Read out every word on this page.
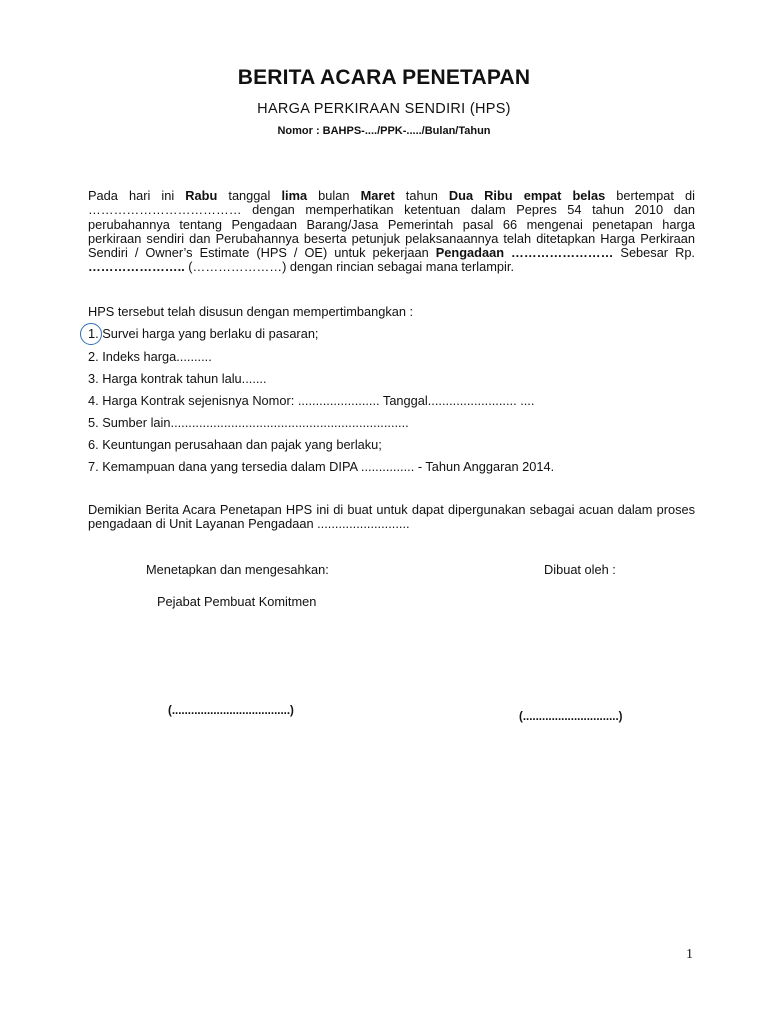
BERITA ACARA PENETAPAN
HARGA PERKIRAAN SENDIRI (HPS)
Nomor : BAHPS-..../PPK-...../Bulan/Tahun
Pada hari ini Rabu tanggal lima bulan Maret tahun Dua Ribu empat belas bertempat di ……………………………… dengan memperhatikan ketentuan dalam Pepres 54 tahun 2010 dan perubahannya tentang Pengadaan Barang/Jasa Pemerintah pasal 66 mengenai penetapan harga perkiraan sendiri dan Perubahannya beserta petunjuk pelaksanaannya telah ditetapkan Harga Perkiraan Sendiri / Owner’s Estimate (HPS / OE) untuk pekerjaan Pengadaan …………………… Sebesar Rp. ………………….. (…………………) dengan rincian sebagai mana terlampir.
HPS tersebut telah disusun dengan mempertimbangkan :
1. Survei harga yang berlaku di pasaran;
2. Indeks harga..........
3. Harga kontrak tahun lalu.......
4. Harga Kontrak sejenisnya Nomor: ....................... Tanggal......................... ....
5. Sumber lain...................................................................
6. Keuntungan perusahaan dan pajak yang berlaku;
7. Kemampuan dana yang tersedia dalam DIPA ............... - Tahun Anggaran 2014.
Demikian Berita Acara Penetapan HPS ini di buat untuk dapat dipergunakan sebagai acuan dalam proses pengadaan di Unit Layanan Pengadaan ..........................
Menetapkan dan mengesahkan:
Pejabat Pembuat Komitmen
(.....................................)
Dibuat oleh :
(..............................)
1
